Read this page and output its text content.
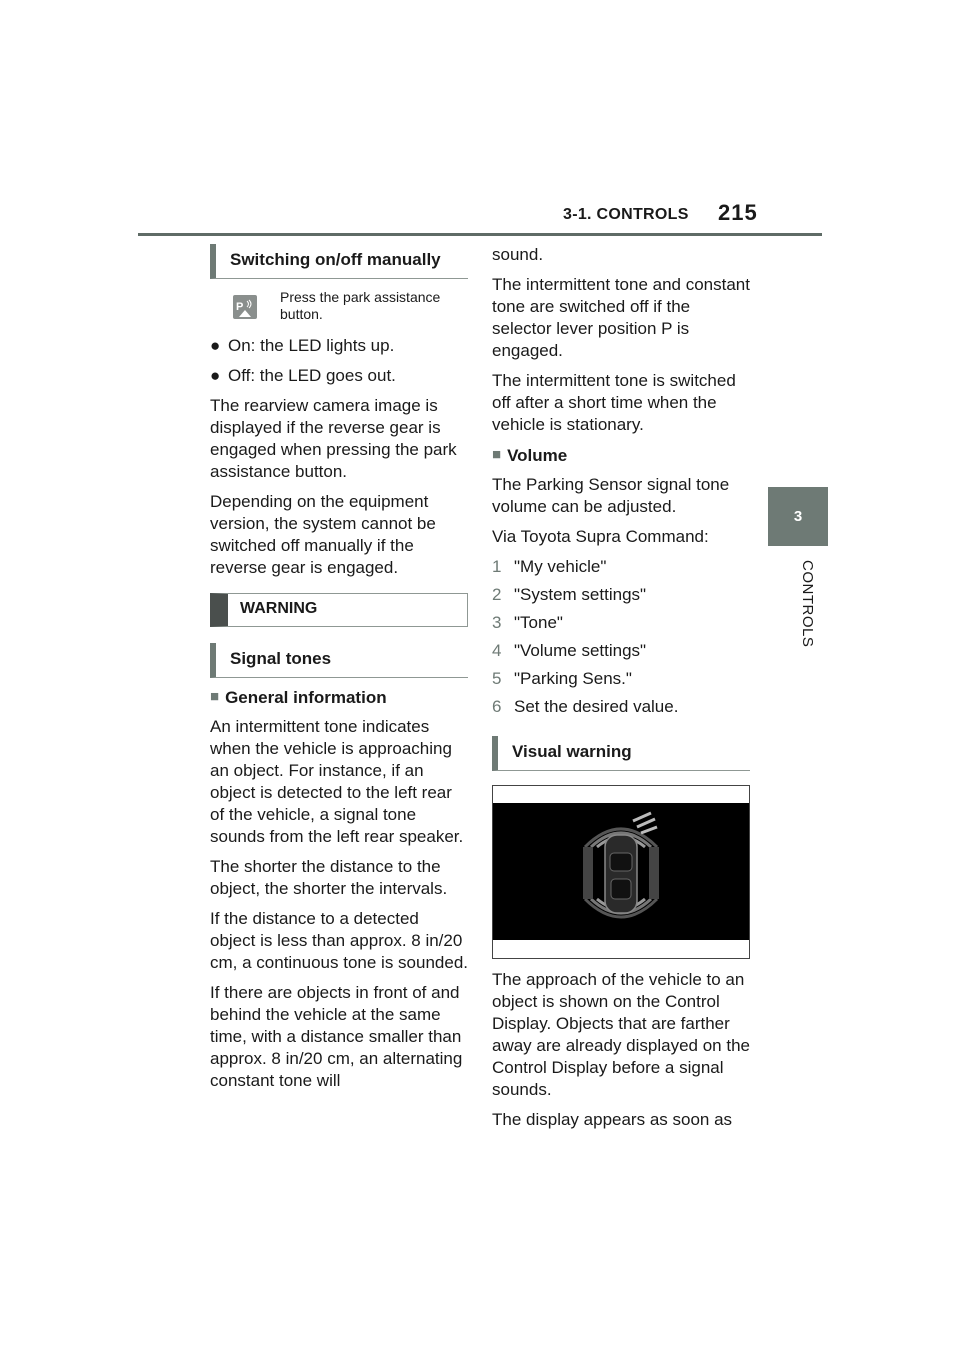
3-1. CONTROLS 215
3
CONTROLS
Switching on/off manually
P
Press the park assistance button.
● On: the LED lights up.
● Off: the LED goes out.

The rearview camera image is displayed if the reverse gear is engaged when pressing the park assistance button.

Depending on the equipment version, the system cannot be switched off manually if the reverse gear is engaged.

WARNING
Signal tones
■ General information

An intermittent tone indicates when the vehicle is approaching an object. For instance, if an object is detected to the left rear of the vehicle, a signal tone sounds from the left rear speaker.

The shorter the distance to the object, the shorter the intervals.

If the distance to a detected object is less than approx. 8 in/20 cm, a continuous tone is sounded.

If there are objects in front of and behind the vehicle at the same time, with a distance smaller than approx. 8 in/20 cm, an alternating constant tone will

sound.

The intermittent tone and constant tone are switched off if the selector lever position P is engaged.

The intermittent tone is switched off after a short time when the vehicle is stationary.

■ Volume

The Parking Sensor signal tone volume can be adjusted.

Via Toyota Supra Command:

1 "My vehicle"
2 "System settings"
3 "Tone"
4 "Volume settings"
5 "Parking Sens."
6 Set the desired value.
Visual warning

The approach of the vehicle to an object is shown on the Control Display. Objects that are farther away are already displayed on the Control Display before a signal sounds.

The display appears as soon as
